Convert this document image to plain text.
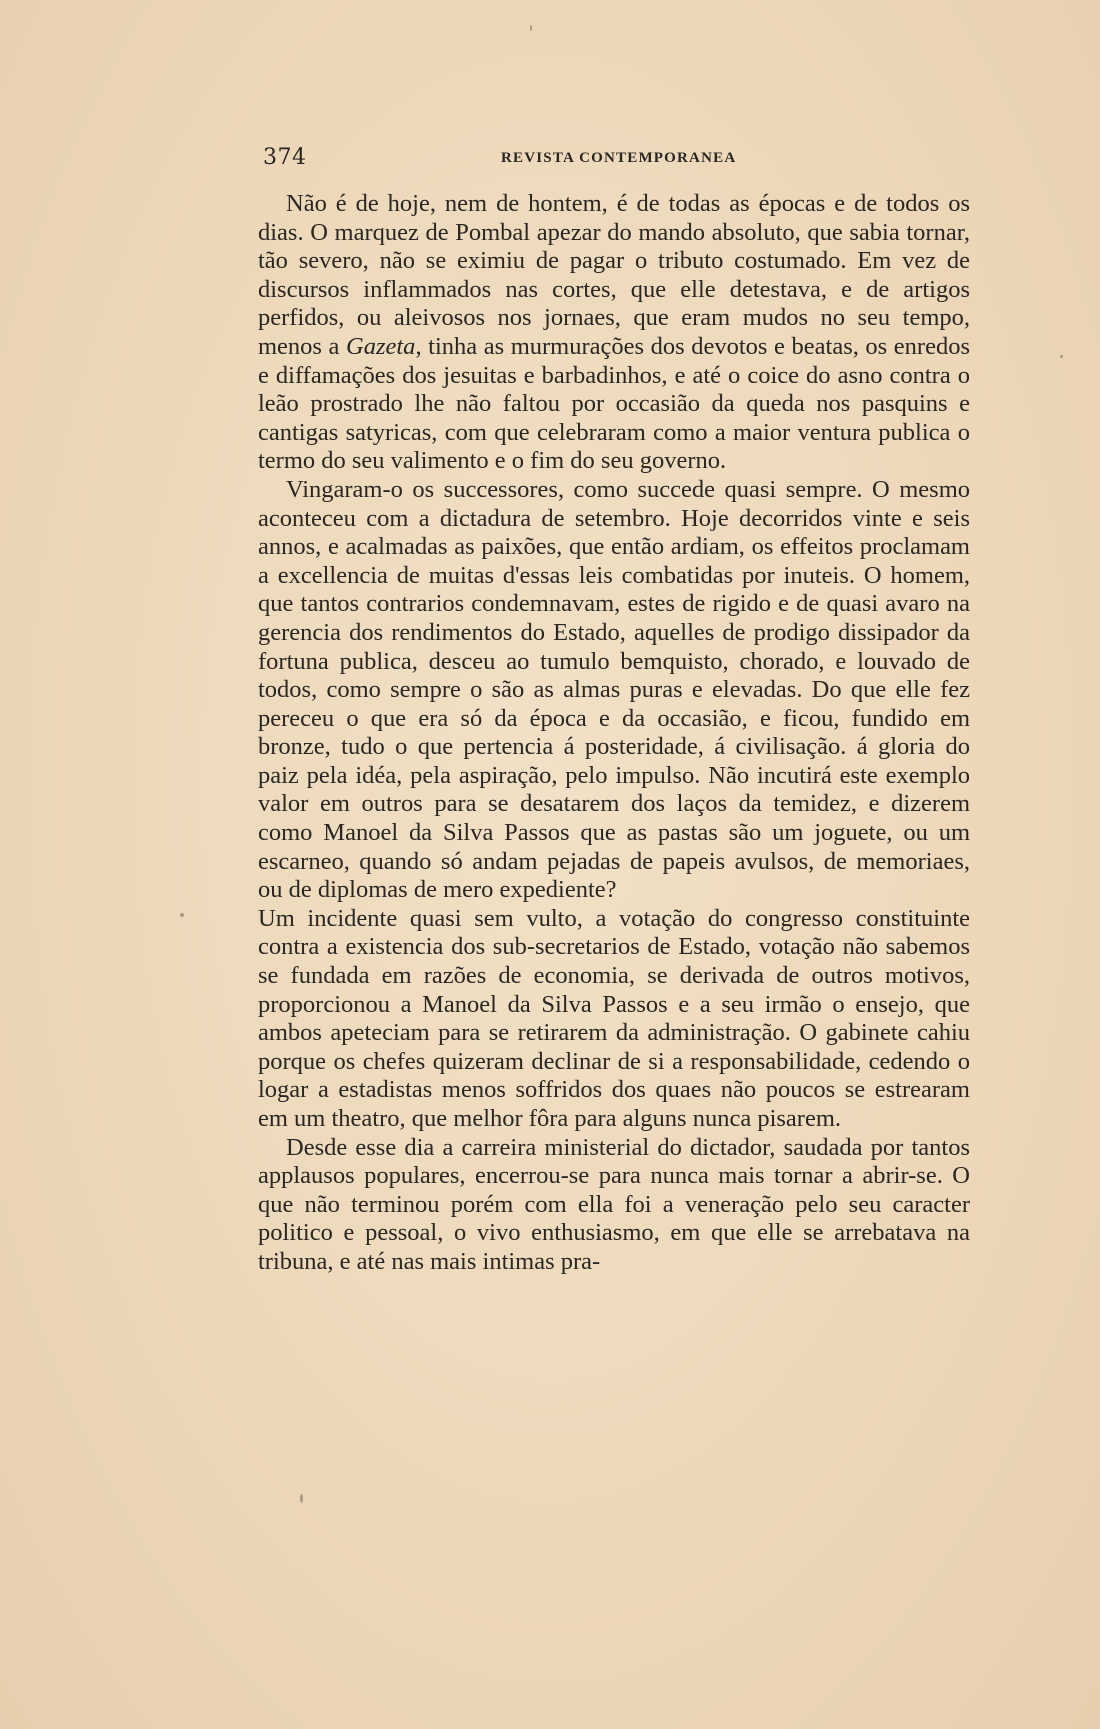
374	REVISTA CONTEMPORANEA

Não é de hoje, nem de hontem, é de todas as épocas e de todos os dias. O marquez de Pombal apezar do mando absoluto, que sabia tornar, tão severo, não se eximiu de pagar o tributo costumado. Em vez de discursos inflammados nas cortes, que elle detestava, e de artigos perfidos, ou aleivosos nos jornaes, que eram mudos no seu tempo, menos a Gazeta, tinha as murmurações dos devotos e beatas, os enredos e diffamações dos jesuitas e barbadinhos, e até o coice do asno contra o leão prostrado lhe não faltou por occasião da queda nos pasquins e cantigas satyricas, com que celebraram como a maior ventura publica o termo do seu valimento e o fim do seu governo.

Vingaram-o os successores, como succede quasi sempre. O mesmo aconteceu com a dictadura de setembro. Hoje decorridos vinte e seis annos, e acalmadas as paixões, que então ardiam, os effeitos proclamam a excellencia de muitas d'essas leis combatidas por inuteis. O homem, que tantos contrarios condemnavam, estes de rigido e de quasi avaro na gerencia dos rendimentos do Estado, aquelles de prodigo dissipador da fortuna publica, desceu ao tumulo bemquisto, chorado, e louvado de todos, como sempre o são as almas puras e elevadas. Do que elle fez pereceu o que era só da época e da occasião, e ficou, fundido em bronze, tudo o que pertencia á posteridade, á civilisação. á gloria do paiz pela idéa, pela aspiração, pelo impulso. Não incutirá este exemplo valor em outros para se desatarem dos laços da temidez, e dizerem como Manoel da Silva Passos que as pastas são um joguete, ou um escarneo, quando só andam pejadas de papeis avulsos, de memoriaes, ou de diplomas de mero expediente?

Um incidente quasi sem vulto, a votação do congresso constituinte contra a existencia dos sub-secretarios de Estado, votação não sabemos se fundada em razões de economia, se derivada de outros motivos, proporcionou a Manoel da Silva Passos e a seu irmão o ensejo, que ambos apeteciam para se retirarem da administração. O gabinete cahiu porque os chefes quizeram declinar de si a responsabilidade, cedendo o logar a estadistas menos soffridos dos quaes não poucos se estrearam em um theatro, que melhor fôra para alguns nunca pisarem.

Desde esse dia a carreira ministerial do dictador, saudada por tantos applausos populares, encerrou-se para nunca mais tornar a abrir-se. O que não terminou porém com ella foi a veneração pelo seu caracter politico e pessoal, o vivo enthusiasmo, em que elle se arrebatava na tribuna, e até nas mais intimas pra-
